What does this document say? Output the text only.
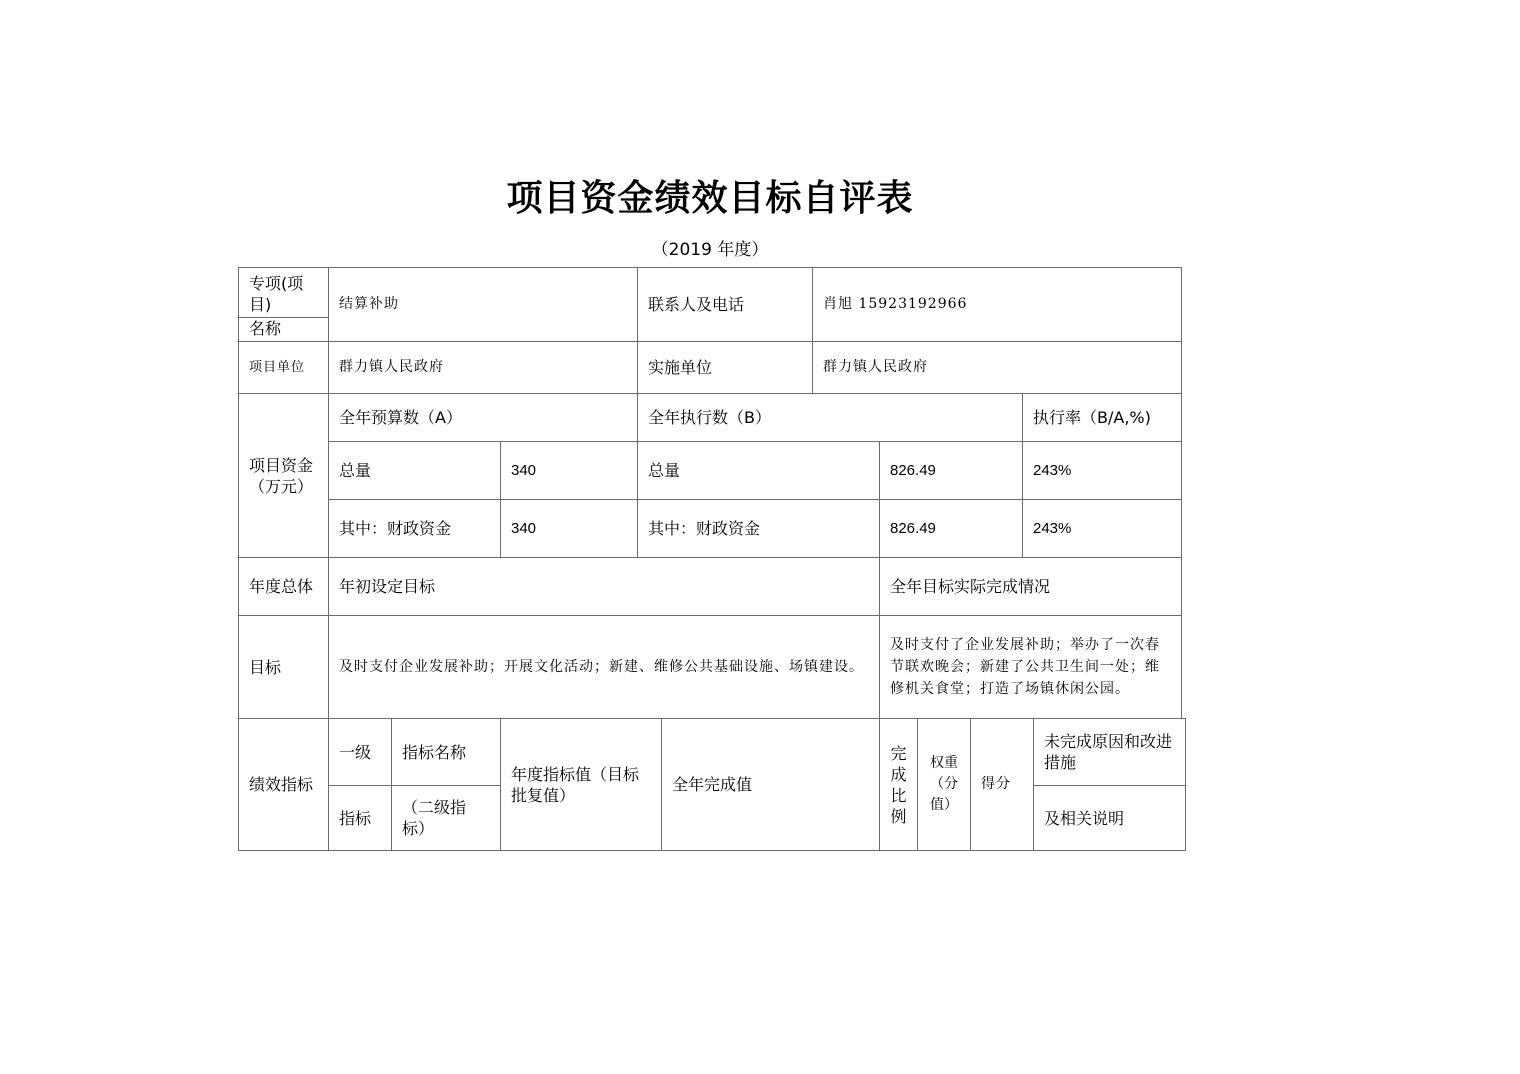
项目资金绩效目标自评表
（2019 年度）
专项(项目)
名称	结算补助		联系人及电话	肖旭 15923192966		
项目单位	群力镇人民政府		实施单位	群力镇人民政府		
项目资金（万元）	全年预算数（A）		全年执行数（B）			执行率（B/A,%)
	总量	340	总量		826.49	243%
	其中：财政资金	340	其中：财政资金		826.49	243%
年度总体	年初设定目标				全年目标实际完成情况	
目标	及时支付企业发展补助；开展文化活动；新建、维修公共基础设施、场镇建设。				及时支付了企业发展补助；举办了一次春节联欢晚会；新建了公共卫生间一处；维修机关食堂；打造了场镇休闲公园。	
绩效指标	一级	指标名称	年度指标值（目标批复值）	全年完成值	完成比例	权重（分值）	得分	未完成原因和改进措施
	指标	（二级指标）						及相关说明
